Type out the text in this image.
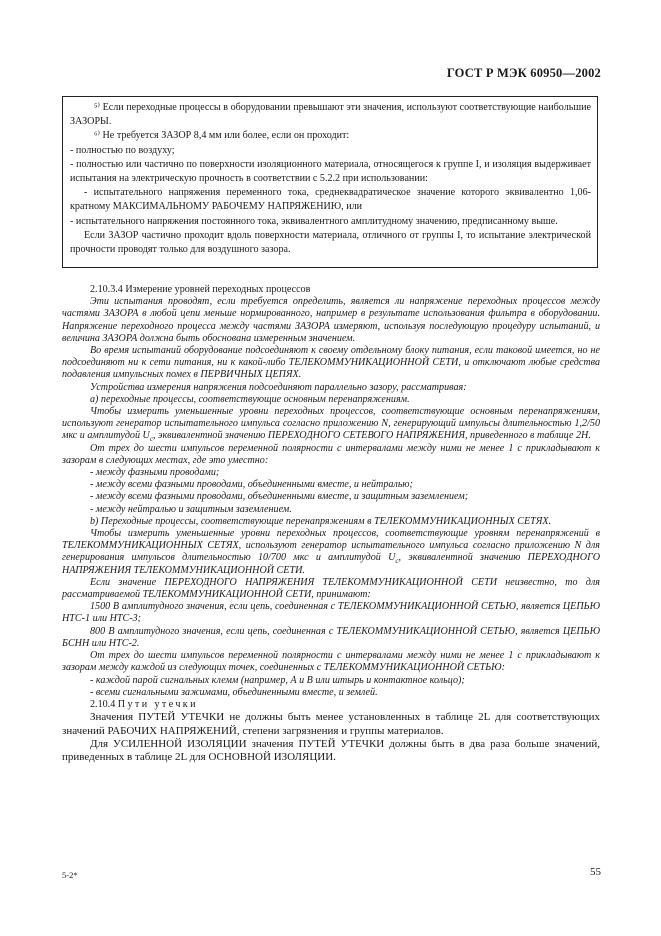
ГОСТ Р МЭК 60950—2002

⁵⁾ Если переходные процессы в оборудовании превышают эти значения, используют соответствующие наибольшие ЗАЗОРЫ.

⁶⁾ Не требуется ЗАЗОР 8,4 мм или более, если он проходит:

- полностью по воздуху;

- полностью или частично по поверхности изоляционного материала, относящегося к группе I, и изоляция выдерживает испытания на электрическую прочность в соответствии с 5.2.2 при использовании:

- испытательного напряжения переменного тока, среднеквадратическое значение которого эквивалентно 1,06-кратному МАКСИМАЛЬНОМУ РАБОЧЕМУ НАПРЯЖЕНИЮ, или

- испытательного напряжения постоянного тока, эквивалентного амплитудному значению, предпиcанному выше.

Если ЗАЗОР частично проходит вдоль поверхности материала, отличного от группы I, то испытание электрической прочности проводят только для воздушного зазора.

2.10.3.4 Измерение уровней переходных процессов

Эти испытания проводят, если требуется определить, является ли напряжение переходных процессов между частями ЗАЗОРА в любой цепи меньше нормированного, например в результате использования фильтра в оборудовании. Напряжение переходного процесса между частями ЗАЗОРА измеряют, используя последующую процедуру испытаний, и величина ЗАЗОРА должна быть обоснована измеренным значением.

Во время испытаний оборудование подсоединяют к своему отдельному блоку питания, если таковой имеется, но не подсоединяют ни к сети питания, ни к какой-либо ТЕЛЕКОММУНИКАЦИОННОЙ СЕТИ, и отключают любые средства подавления импульсных помех в ПЕРВИЧНЫХ ЦЕПЯХ.

Устройства измерения напряжения подсоединяют параллельно зазору, рассматривая:

а) переходные процессы, соответствующие основным перенапряжениям.

Чтобы измерить уменьшенные уровни переходных процессов, соответствующие основным перенапряжениям, используют генератор испытательного импульса согласно приложению N, генерирующий импульсы длительностью 1,2/50 мкс и амплитудой $U_c$, эквивалентной значению ПЕРЕХОДНОГО СЕТЕВОГО НАПРЯЖЕНИЯ, приведенного в таблице 2Н.

От трех до шести импульсов переменной полярности с интервалами между ними не менее 1 с прикладывают к зазорам в следующих местах, где это уместно:

- между фазными проводами;

- между всеми фазными проводами, объединенными вместе, и нейтралью;

- между всеми фазными проводами, объединенными вместе, и защитным заземлением;

- между нейтралью и защитным заземлением.

b) Переходные процессы, соответствующие перенапряжениям в ТЕЛЕКОММУНИКАЦИОННЫХ СЕТЯХ.

Чтобы измерить уменьшенные уровни переходных процессов, соответствующие уровням перенапряжений в ТЕЛЕКОММУНИКАЦИОННЫХ СЕТЯХ, используют генератор испытательного импульса согласно приложению N для генерирования импульсов длительностью 10/700 мкс и амплитудой $U_c$, эквивалентной значению ПЕРЕХОДНОГО НАПРЯЖЕНИЯ ТЕЛЕКОММУНИКАЦИОННОЙ СЕТИ.

Если значение ПЕРЕХОДНОГО НАПРЯЖЕНИЯ ТЕЛЕКОММУНИКАЦИОННОЙ СЕТИ неизвестно, то для рассматриваемой ТЕЛЕКОММУНИКАЦИОННОЙ СЕТИ, принимают:

1500 В амплитудного значения, если цепь, соединенная с ТЕЛЕКОММУНИКАЦИОННОЙ СЕТЬЮ, является ЦЕПЬЮ НТС-1 или НТС-3;

800 В амплитудного значения, если цепь, соединенная с ТЕЛЕКОММУНИКАЦИОННОЙ СЕТЬЮ, является ЦЕПЬЮ БСНН или НТС-2.

От трех до шести импульсов переменной полярности с интервалами между ними не менее 1 с прикладывают к зазорам между каждой из следующих точек, соединенных с ТЕЛЕКОММУНИКАЦИОННОЙ СЕТЬЮ:

- каждой парой сигнальных клемм (например, А и В или штырь и контактное кольцо);

- всеми сигнальными зажимами, объединенными вместе, и землей.

2.10.4 Пути утечки

Значения ПУТЕЙ УТЕЧКИ не должны быть менее установленных в таблице 2L для соответствующих значений РАБОЧИХ НАПРЯЖЕНИЙ, степени загрязнения и группы материалов.

Для УСИЛЕННОЙ ИЗОЛЯЦИИ значения ПУТЕЙ УТЕЧКИ должны быть в два раза больше значений, приведенных в таблице 2L для ОСНОВНОЙ ИЗОЛЯЦИИ.

5-2*	55
